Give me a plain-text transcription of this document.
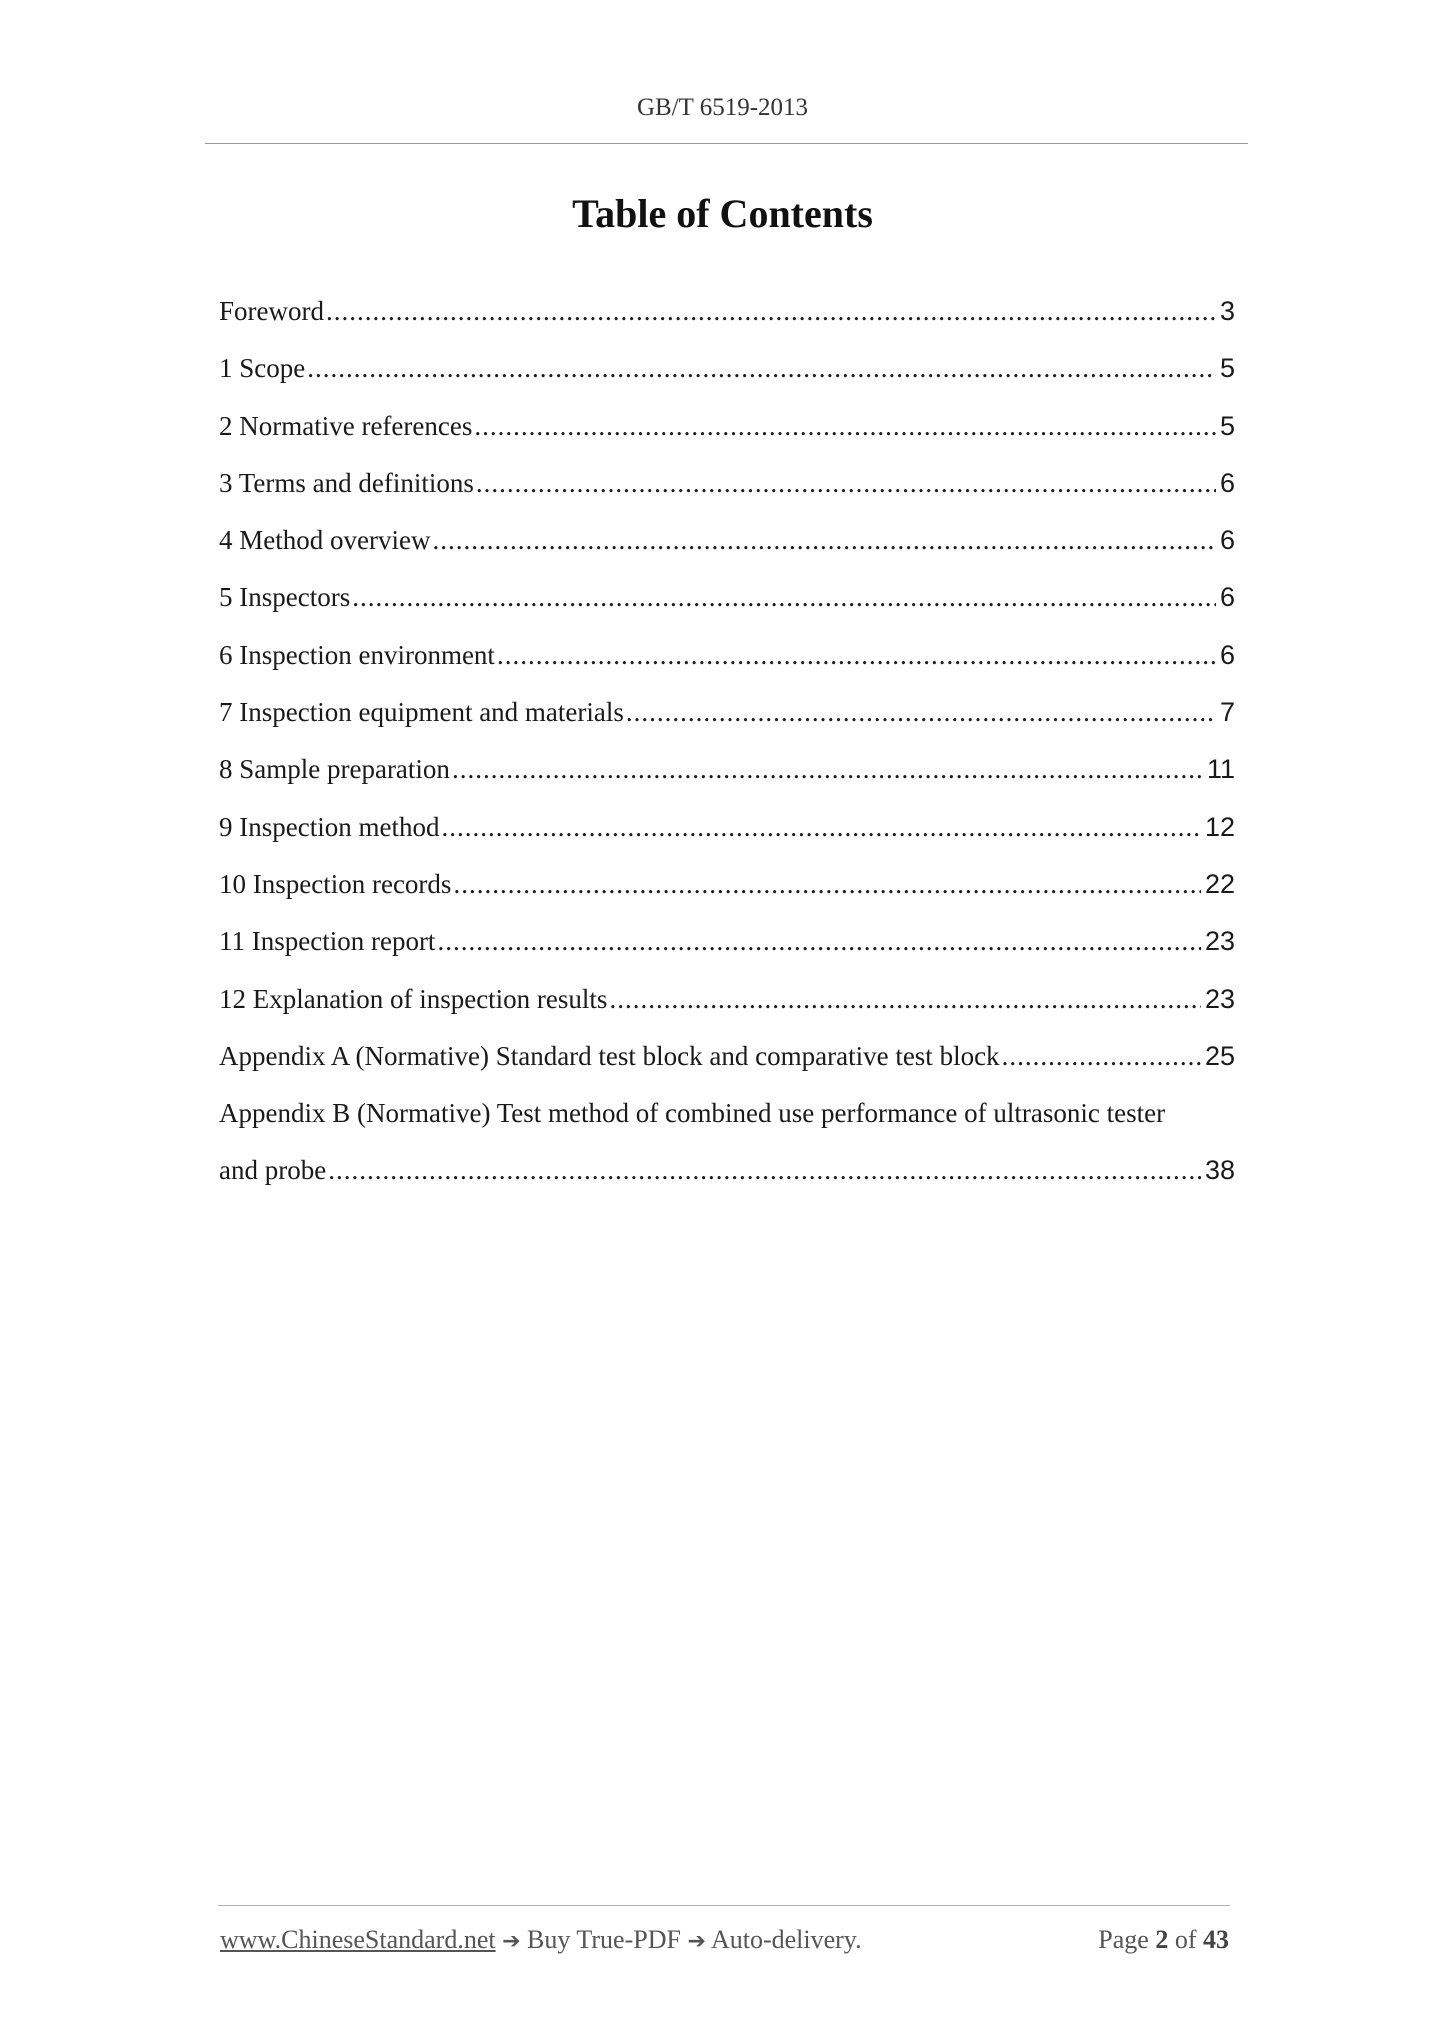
GB/T 6519-2013
Table of Contents
Foreword .....	3
1 Scope .....	5
2 Normative references .....	5
3 Terms and definitions .....	6
4 Method overview .....	6
5 Inspectors .....	6
6 Inspection environment .....	6
7 Inspection equipment and materials .....	7
8 Sample preparation .....	11
9 Inspection method .....	12
10 Inspection records .....	22
11 Inspection report .....	23
12 Explanation of inspection results .....	23
Appendix A (Normative) Standard test block and comparative test block .....	25
Appendix B (Normative) Test method of combined use performance of ultrasonic tester
and probe .....	38
www.ChineseStandard.net ➔ Buy True-PDF ➔ Auto-delivery.	Page 2 of 43
